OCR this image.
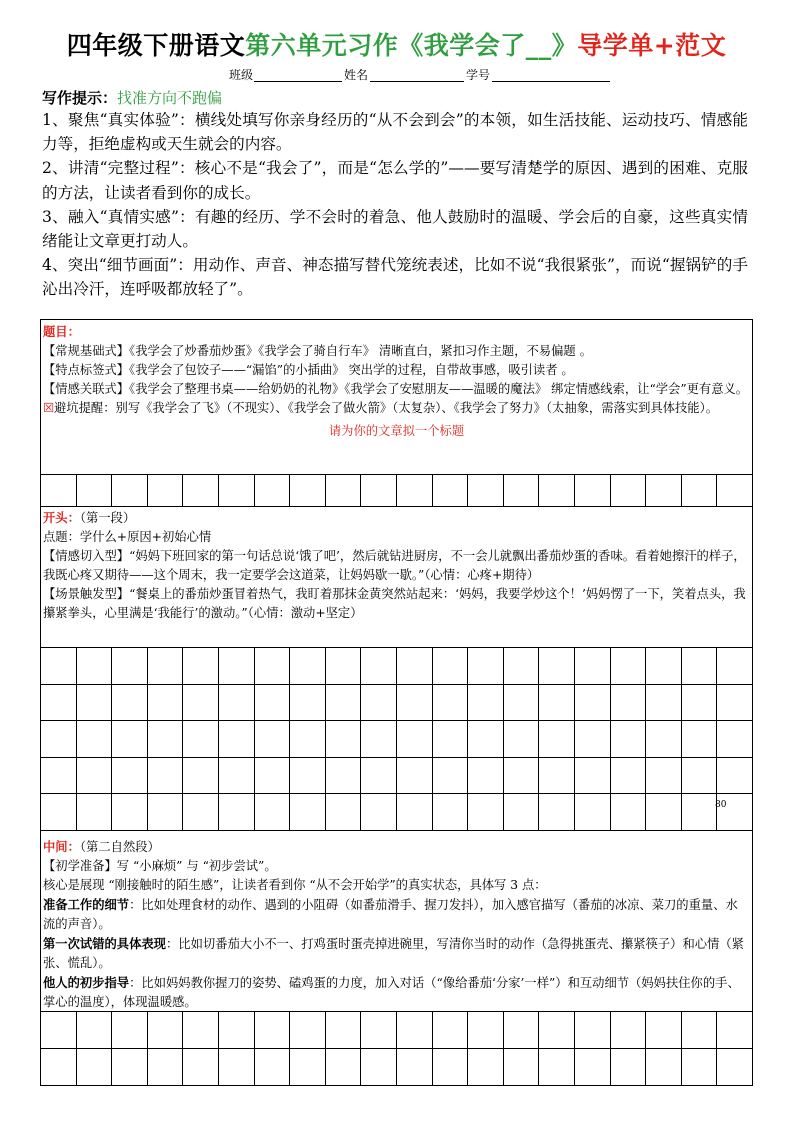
四年级下册语文第六单元习作《我学会了__》导学单+范文
班级	姓名	学号
写作提示：找准方向不跑偏

1、聚焦“真实体验”：横线处填写你亲身经历的“从不会到会”的本领，如生活技能、运动技巧、情感能力等，拒绝虚构或天生就会的内容。

2、讲清“完整过程”：核心不是“我会了”，而是“怎么学的”——要写清楚学的原因、遇到的困难、克服的方法，让读者看到你的成长。

3、融入“真情实感”：有趣的经历、学不会时的着急、他人鼓励时的温暖、学会后的自豪，这些真实情绪能让文章更打动人。

4、突出“细节画面”：用动作、声音、神态描写替代笼统表述，比如不说“我很紧张”，而说“握锅铲的手沁出冷汗，连呼吸都放轻了”。

题目：

【常规基础式】《我学会了炒番茄炒蛋》《我学会了骑自行车》 清晰直白，紧扣习作主题，不易偏题 。

【特点标签式】《我学会了包饺子——“漏馅”的小插曲》 突出学的过程，自带故事感，吸引读者 。

【情感关联式】《我学会了整理书桌——给奶奶的礼物》《我学会了安慰朋友——温暖的魔法》 绑定情感线索，让“学会”更有意义。

☒避坑提醒：别写《我学会了飞》（不现实）、《我学会了做火箭》（太复杂）、《我学会了努力》（太抽象，需落实到具体技能）。

请为你的文章拟一个标题

开头：（第一段）

点题：学什么+原因+初始心情

【情感切入型】“妈妈下班回家的第一句话总说‘饿了吧’，然后就钻进厨房，不一会儿就飘出番茄炒蛋的香味。看着她擦汗的样子，我既心疼又期待——这个周末，我一定要学会这道菜，让妈妈歇一歇。”（心情：心疼+期待）

【场景触发型】“餐桌上的番茄炒蛋冒着热气，我盯着那抹金黄突然站起来：‘妈妈，我要学炒这个！’妈妈愣了一下，笑着点头，我攥紧拳头，心里满是‘我能行’的激动。”（心情：激动+坚定）

80

中间：（第二自然段）

【初学准备】写 “小麻烦” 与 “初步尝试”。

核心是展现 “刚接触时的陌生感”，让读者看到你 “从不会开始学”的真实状态，具体写 3 点：

准备工作的细节：比如处理食材的动作、遇到的小阻碍（如番茄滑手、握刀发抖），加入感官描写（番茄的冰凉、菜刀的重量、水流的声音）。

第一次试错的具体表现：比如切番茄大小不一、打鸡蛋时蛋壳掉进碗里，写清你当时的动作（急得挑蛋壳、攥紧筷子）和心情（紧张、慌乱）。

他人的初步指导：比如妈妈教你握刀的姿势、磕鸡蛋的力度，加入对话（“像给番茄‘分家’一样”）和互动细节（妈妈扶住你的手、掌心的温度），体现温暖感。
